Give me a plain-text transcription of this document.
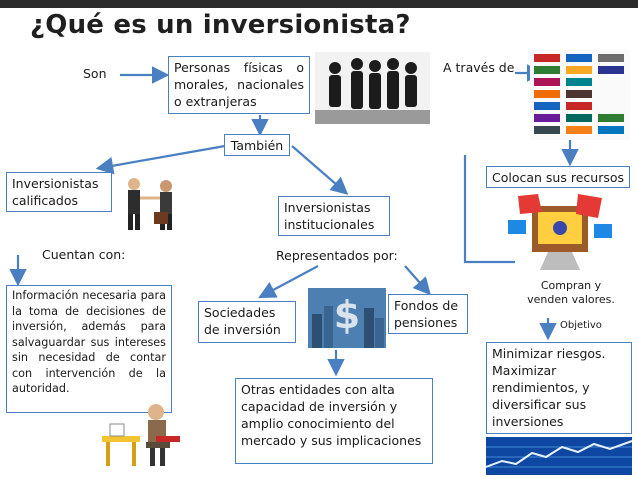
¿Qué es un inversionista?
Son	A través de
Cuentan con:	Representados por:
Compran y venden valores.
Objetivo
Personas físicas o morales, nacionales o extranjeras
También
Colocan sus recursos
Inversionistas calificados	Inversionistas institucionales
Información necesaria para la toma de decisiones de inversión, además para salvaguardar sus intereses sin necesidad de contar con intervención de la autoridad.
Sociedades de inversión
Fondos de pensiones
Otras entidades con alta capacidad de inversión y amplio conocimiento del mercado y sus implicaciones
Minimizar riesgos. Maximizar rendimientos, y diversificar sus inversiones
$
